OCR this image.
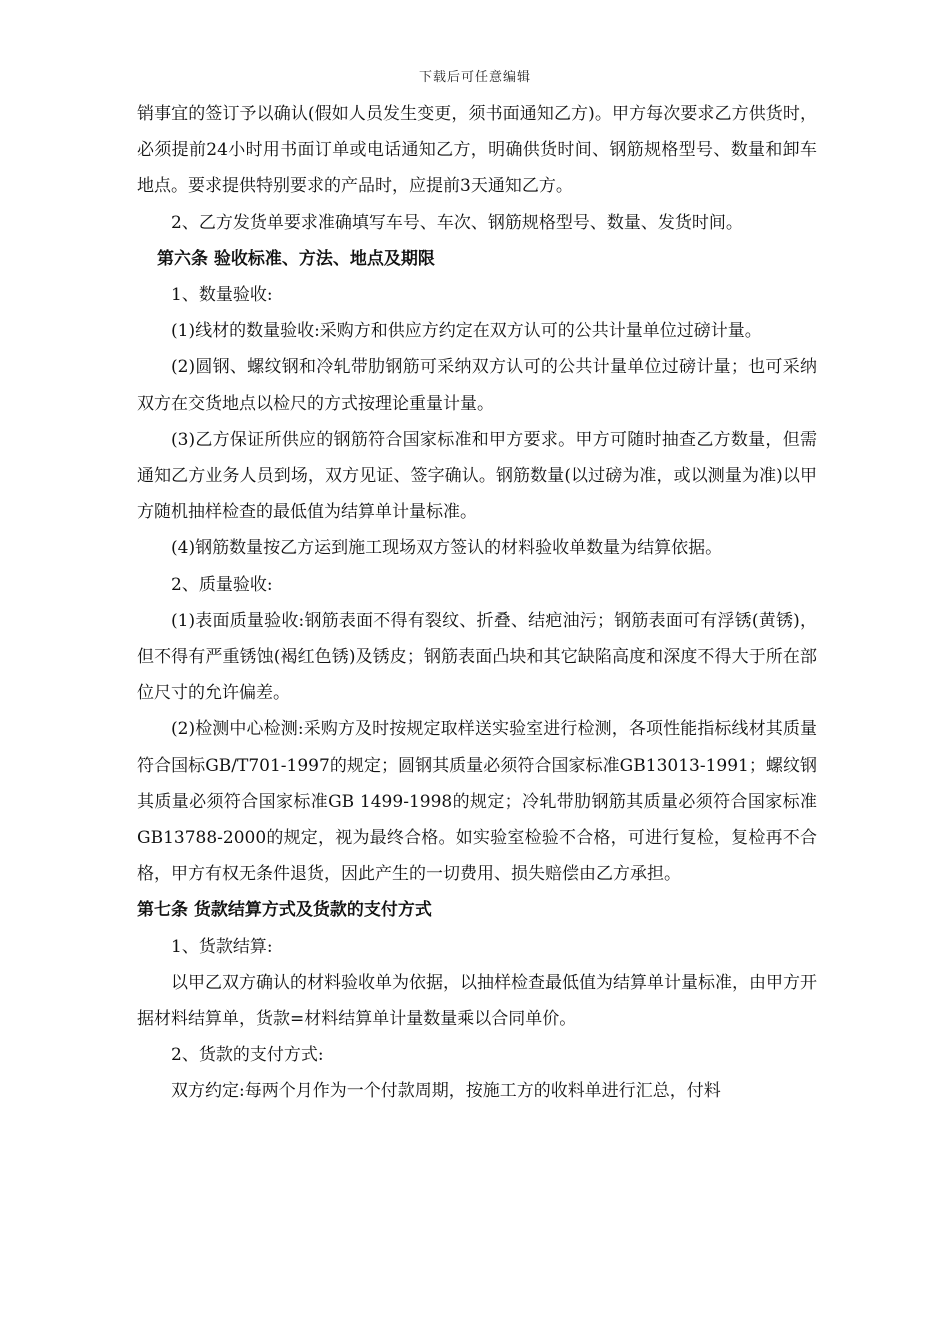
下载后可任意编辑

销事宜的签订予以确认(假如人员发生变更，须书面通知乙方)。甲方每次要求乙方供货时，必须提前24小时用书面订单或电话通知乙方，明确供货时间、钢筋规格型号、数量和卸车地点。要求提供特别要求的产品时，应提前3天通知乙方。

2、乙方发货单要求准确填写车号、车次、钢筋规格型号、数量、发货时间。

第六条 验收标准、方法、地点及期限

1、数量验收:

(1)线材的数量验收:采购方和供应方约定在双方认可的公共计量单位过磅计量。

(2)圆钢、螺纹钢和冷轧带肋钢筋可采纳双方认可的公共计量单位过磅计量；也可采纳双方在交货地点以检尺的方式按理论重量计量。

(3)乙方保证所供应的钢筋符合国家标准和甲方要求。甲方可随时抽查乙方数量，但需通知乙方业务人员到场，双方见证、签字确认。钢筋数量(以过磅为准，或以测量为准)以甲方随机抽样检查的最低值为结算单计量标准。

(4)钢筋数量按乙方运到施工现场双方签认的材料验收单数量为结算依据。

2、质量验收:

(1)表面质量验收:钢筋表面不得有裂纹、折叠、结疤油污；钢筋表面可有浮锈(黄锈)，但不得有严重锈蚀(褐红色锈)及锈皮；钢筋表面凸块和其它缺陷高度和深度不得大于所在部位尺寸的允许偏差。

(2)检测中心检测:采购方及时按规定取样送实验室进行检测，各项性能指标线材其质量符合国标GB/T701-1997的规定；圆钢其质量必须符合国家标准GB13013-1991；螺纹钢其质量必须符合国家标准GB 1499-1998的规定；冷轧带肋钢筋其质量必须符合国家标准GB13788-2000的规定，视为最终合格。如实验室检验不合格，可进行复检，复检再不合格，甲方有权无条件退货，因此产生的一切费用、损失赔偿由乙方承担。

第七条 货款结算方式及货款的支付方式

1、货款结算:

以甲乙双方确认的材料验收单为依据，以抽样检查最低值为结算单计量标准，由甲方开据材料结算单，货款=材料结算单计量数量乘以合同单价。

2、货款的支付方式:

双方约定:每两个月作为一个付款周期，按施工方的收料单进行汇总，付料
